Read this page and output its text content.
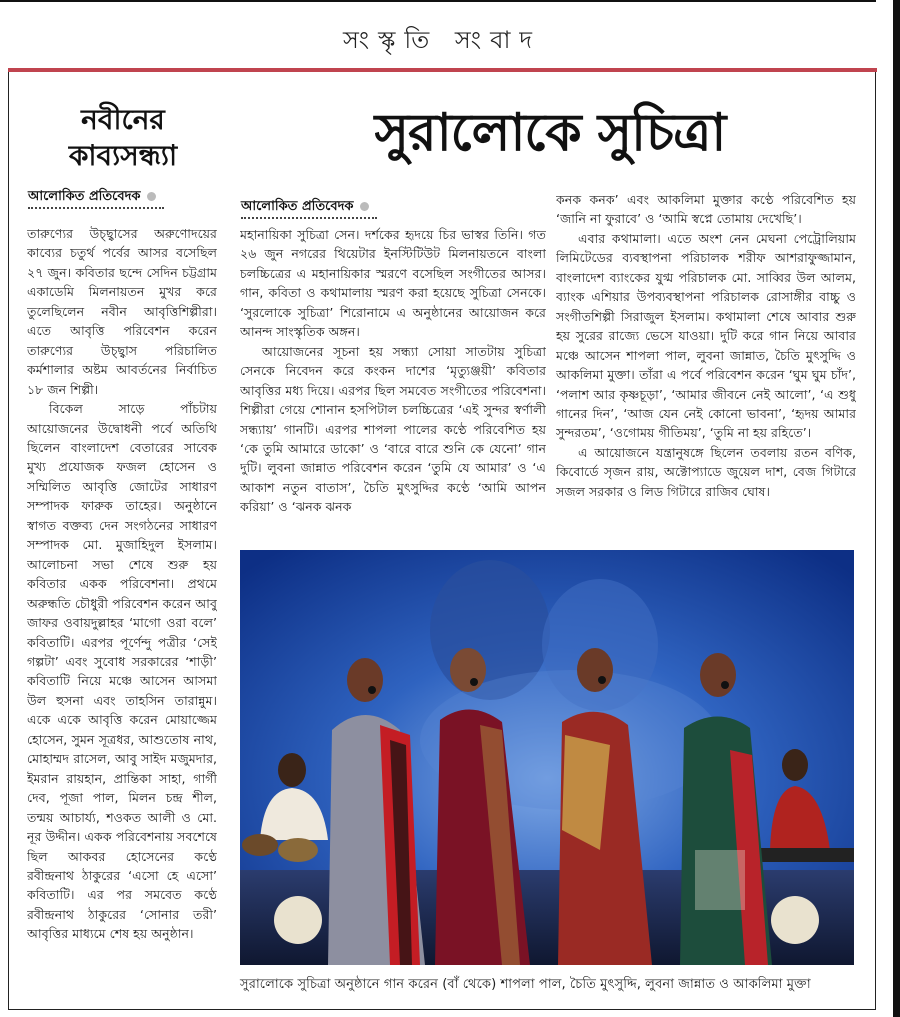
সংস্কৃতি সংবাদ
নবীনের
কাব্যসন্ধ্যা
আলোকিত প্রতিবেদক

তারুণ্যের উচ্ছ্বাসের অরুণোদয়ের কাব্যের চতুর্থ পর্বের আসর বসেছিল ২৭ জুন। কবিতার ছন্দে সেদিন চট্টগ্রাম একাডেমি মিলনায়তন মুখর করে তুলেছিলেন নবীন আবৃত্তিশিল্পীরা। এতে আবৃত্তি পরিবেশন করেন তারুণ্যের উচ্ছ্বাস পরিচালিত কর্মশালার অষ্টম আবর্তনের নির্বাচিত ১৮ জন শিল্পী।

বিকেল সাড়ে পাঁচটায় আয়োজনের উদ্বোধনী পর্বে অতিথি ছিলেন বাংলাদেশ বেতারের সাবেক মুখ্য প্রযোজক ফজল হোসেন ও সম্মিলিত আবৃত্তি জোটের সাধারণ সম্পাদক ফারুক তাহের। অনুষ্ঠানে স্বাগত বক্তব্য দেন সংগঠনের সাধারণ সম্পাদক মো. মুজাহিদুল ইসলাম। আলোচনা সভা শেষে শুরু হয় কবিতার একক পরিবেশনা। প্রথমে অরুন্ধতি চৌধুরী পরিবেশন করেন আবু জাফর ওবায়দুল্লাহর ‘মাগো ওরা বলে’ কবিতাটি। এরপর পূর্ণেন্দু পত্রীর ‘সেই গল্পটা’ এবং সুবোধ সরকারের ‘শাড়ী’ কবিতাটি নিয়ে মঞ্চে আসেন আসমা উল হুসনা এবং তাহসিন তারান্নুম। একে একে আবৃত্তি করেন মোয়াজ্জেম হোসেন, সুমন সূত্রধর, আশুতোষ নাথ, মোহাম্মদ রাসেল, আবু সাইদ মজুমদার, ইমরান রায়হান, প্রান্তিকা সাহা, গার্গী দেব, পূজা পাল, মিলন চন্দ্র শীল, তন্ময় আচার্য্য, শওকত আলী ও মো. নূর উদ্দীন। একক পরিবেশনায় সবশেষে ছিল আকবর হোসেনের কণ্ঠে রবীন্দ্রনাথ ঠাকুরের ‘এসো হে এসো’ কবিতাটি। এর পর সমবেত কণ্ঠে রবীন্দ্রনাথ ঠাকুরের ‘সোনার তরী’ আবৃত্তির মাধ্যমে শেষ হয় অনুষ্ঠান।

সুরালোকে সুচিত্রা
আলোকিত প্রতিবেদক

মহানায়িকা সুচিত্রা সেন। দর্শকের হৃদয়ে চির ভাস্বর তিনি। গত ২৬ জুন নগরের থিয়েটার ইনস্টিটিউট মিলনায়তনে বাংলা চলচ্চিত্রের এ মহানায়িকার স্মরণে বসেছিল সংগীতের আসর। গান, কবিতা ও কথামালায় স্মরণ করা হয়েছে সুচিত্রা সেনকে। ‘সুরলোকে সুচিত্রা’ শিরোনামে এ অনুষ্ঠানের আয়োজন করে আনন্দ সাংস্কৃতিক অঙ্গন।

আয়োজনের সূচনা হয় সন্ধ্যা সোয়া সাতটায় সুচিত্রা সেনকে নিবেদন করে কংকন দাশের ‘মৃত্যুঞ্জয়ী’ কবিতার আবৃত্তির মধ্য দিয়ে। এরপর ছিল সমবেত সংগীতের পরিবেশনা। শিল্পীরা গেয়ে শোনান হসপিটাল চলচ্চিত্রের ‘এই সুন্দর স্বর্ণালী সন্ধ্যায়’ গানটি। এরপর শাপলা পালের কণ্ঠে পরিবেশিত হয় ‘কে তুমি আমারে ডাকো’ ও ‘বারে বারে শুনি কে যেনো’ গান দুটি। লুবনা জান্নাত পরিবেশন করেন ‘তুমি যে আমার’ ও ‘এ আকাশ নতুন বাতাস’, চৈতি মুৎসুদ্দির কণ্ঠে ‘আমি আপন করিয়া’ ও ‘ঝনক ঝনক

কনক কনক’ এবং আকলিমা মুক্তার কণ্ঠে পরিবেশিত হয় ‘জানি না ফুরাবে’ ও ‘আমি স্বপ্নে তোমায় দেখেছি’।

এবার কথামালা। এতে অংশ নেন মেঘনা পেট্রোলিয়াম লিমিটেডের ব্যবস্থাপনা পরিচালক শরীফ আশরাফুজ্জামান, বাংলাদেশ ব্যাংকের যুগ্ম পরিচালক মো. সাব্বির উল আলম, ব্যাংক এশিয়ার উপব্যবস্থাপনা পরিচালক রোসাঙ্গীর বাচ্চু ও সংগীতশিল্পী সিরাজুল ইসলাম। কথামালা শেষে আবার শুরু হয় সুরের রাজ্যে ভেসে যাওয়া। দুটি করে গান নিয়ে আবার মঞ্চে আসেন শাপলা পাল, লুবনা জান্নাত, চৈতি মুৎসুদ্দি ও আকলিমা মুক্তা। তাঁরা এ পর্বে পরিবেশন করেন ‘ঘুম ঘুম চাঁদ’, ‘পলাশ আর কৃষ্ণচূড়া’, ‘আমার জীবনে নেই আলো’, ‘এ শুধু গানের দিন’, ‘আজ যেন নেই কোনো ভাবনা’, ‘হৃদয় আমার সুন্দরতম’, ‘ওগোময় গীতিময়’, ‘তুমি না হয় রহিতে’।

এ আয়োজনে যন্ত্রানুষঙ্গে ছিলেন তবলায় রতন বণিক, কিবোর্ডে সৃজন রায়, অক্টোপ্যাডে জুয়েল দাশ, বেজ গিটারে সজল সরকার ও লিড গিটারে রাজিব ঘোষ।

সুরালোকে সুচিত্রা অনুষ্ঠানে গান করেন (বাঁ থেকে) শাপলা পাল, চৈতি মুৎসুদ্দি, লুবনা জান্নাত ও আকলিমা মুক্তা
